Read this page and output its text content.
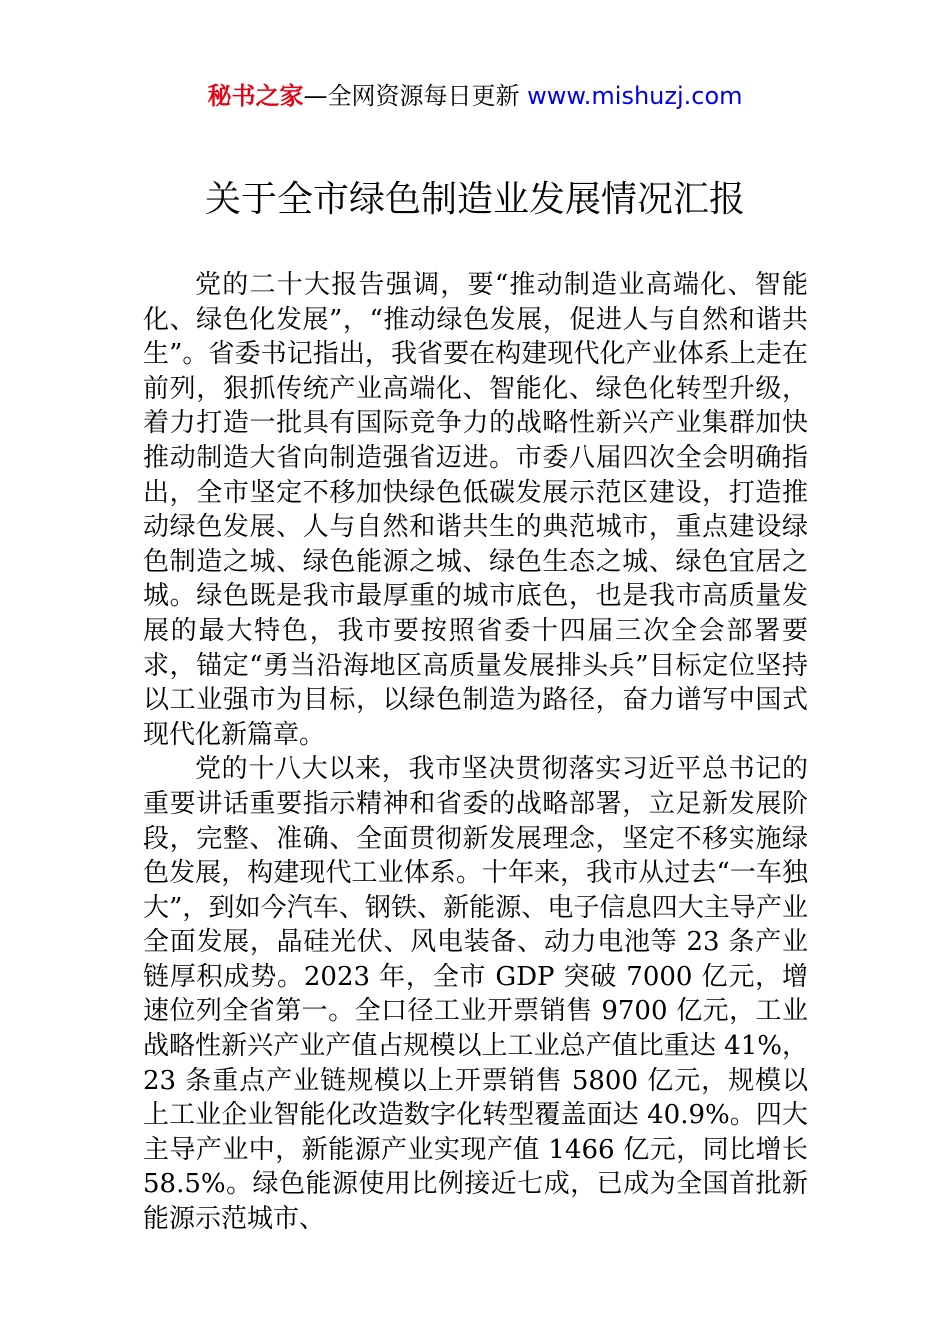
秘书之家—全网资源每日更新 www.mishuzj.com
关于全市绿色制造业发展情况汇报

党的二十大报告强调，要“推动制造业高端化、智能化、绿色化发展”，“推动绿色发展，促进人与自然和谐共生”。省委书记指出，我省要在构建现代化产业体系上走在前列，狠抓传统产业高端化、智能化、绿色化转型升级，着力打造一批具有国际竞争力的战略性新兴产业集群加快推动制造大省向制造强省迈进。市委八届四次全会明确指出，全市坚定不移加快绿色低碳发展示范区建设，打造推动绿色发展、人与自然和谐共生的典范城市，重点建设绿色制造之城、绿色能源之城、绿色生态之城、绿色宜居之城。绿色既是我市最厚重的城市底色，也是我市高质量发展的最大特色，我市要按照省委十四届三次全会部署要求，锚定“勇当沿海地区高质量发展排头兵”目标定位坚持以工业强市为目标，以绿色制造为路径，奋力谱写中国式现代化新篇章。

党的十八大以来，我市坚决贯彻落实习近平总书记的重要讲话重要指示精神和省委的战略部署，立足新发展阶段，完整、准确、全面贯彻新发展理念，坚定不移实施绿色发展，构建现代工业体系。十年来，我市从过去“一车独大”，到如今汽车、钢铁、新能源、电子信息四大主导产业全面发展，晶硅光伏、风电装备、动力电池等 23 条产业链厚积成势。2023 年，全市 GDP 突破 7000 亿元，增速位列全省第一。全口径工业开票销售 9700 亿元，工业战略性新兴产业产值占规模以上工业总产值比重达 41%，23 条重点产业链规模以上开票销售 5800 亿元，规模以上工业企业智能化改造数字化转型覆盖面达 40.9%。四大主导产业中，新能源产业实现产值 1466 亿元，同比增长 58.5%。绿色能源使用比例接近七成，已成为全国首批新能源示范城市、
